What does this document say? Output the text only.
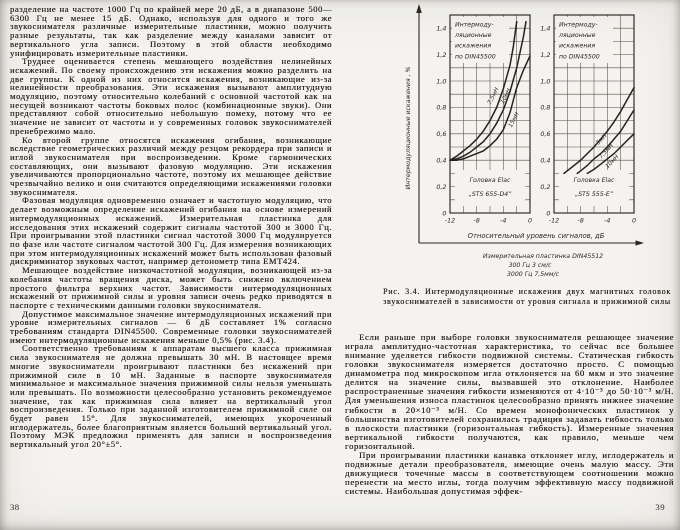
разделение на частоте 1000 Гц по крайней мере 20 дБ, а в диапазоне 500—6300 Гц не менее 15 дБ. Однако, используя для одного и того же звукоснимателя различные измерительные пластинки, можно получить разные результаты, так как разделение между каналами зависит от вертикального угла записи. Поэтому в этой области необходимо унифицировать измерительные пластинки.

Труднее оценивается степень мешающего воздействия нелинейных искажений. По своему происхождению эти искажения можно разделить на две группы. К одной из них относится искажения, возникающие из-за нелинейности преобразования. Эти искажения вызывают амплитудную модуляцию, поэтому относительно колебаний с основной частотой как на несущей возникают частоты боковых полос (комбинационные звуки). Они представляют собой относительно небольшую помеху, потому что ее значение не зависит от частоты и у современных головок звукоснимателей пренебрежимо мало.

Ко второй группе относятся искажения огибания, возникающие вследствие геометрических различий между резцом рекордера при записи и иглой звукоснимателя при воспроизведении. Кроме гармонических составляющих, они вызывают фазовую модуляцию. Эти искажения увеличиваются пропорционально частоте, поэтому их мешающее действие чрезвычайно велико и они считаются определяющими искажениями головки звукоснимателя.

Фазовая модуляция одновременно означает и частотную модуляцию, что делает возможным определение искажений огибания на основе измерений интермодуляционных искажений. Измерительная пластинка для исследования этих искажений содержит сигналы частотой 300 и 3000 Гц. При проигрывании этой пластинки сигнал частотой 3000 Гц модулируется по фазе или частоте сигналом частотой 300 Гц. Для измерения возникающих при этом интермодуляционных искажений может быть использован фазовый дискриминатор звуковых частот, например детонометр типа EMT424.

Мешающее воздействие низкочастотной модуляции, возникающей из-за колебания частоты вращения диска, может быть снижено включением простого фильтра верхних частот. Зависимости интермодуляционных искажений от прижимной силы и уровня записи очень редко приводятся в паспорте с техническими данными головки звукоснимателя.

Допустимое максимальное значение интермодуляционных искажений при уровне измерительных сигналов — 6 дБ составляет 1% согласно требованиям стандарта DIN45500. Современные головки звукоснимателей имеют интермодуляционные искажения меньше 0,5% (рис. 3.4).

Соответственно требованиям к аппаратам высшего класса прижимная сила звукоснимателя не должна превышать 30 мН. В настоящее время многие звукосниматели проигрывают пластинки без искажений при прижимной силе в 10 мН. Заданные в паспорте звукоснимателя минимальное и максимальное значения прижимной силы нельзя уменьшать или превышать. По возможности целесообразно установить рекомендуемое значение, так как прижимная сила влияет на вертикальный угол воспроизведения. Только при заданной изготовителем прижимной силе он будет равен 15°. Для звукоснимателей, имеющих укороченный иглодержатель, более благоприятным является больший вертикальный угол. Поэтому МЭК предложил применять для записи и воспроизведения вертикальный угол 20°±5°.

38
Интермодуляционные искажения , %
Относительный уровень сигналов, дБ
Измерительная пластинка DIN45512
300 Гц 3 см/с
3000 Гц 7,5мм/с
Интермоду-
ляционные
искажения
по DIN45500
Головка Elac
„STS 655-D4”
7,5мН 10мН
15мН
0
0,2
0,4
0,6
0,8
1,0
1,2
1,4
-12	-8	-4	0
Интермоду-
ляционные
искажения
по DIN45500
Головка Elac
„STS 555-E”
5мН
7,5мН
10мН
0
0,2
0,4
0,6
0,8
1,0
1,2
1,4
-12	-8	-4	0
Рис. 3.4. Интермодуляционные искажения двух магнитных головок звукоснимателей в зависимости от уровня сигнала и прижимной силы

Если раньше при выборе головки звукоснимателя решающее значение играла амплитудно-частотная характеристика, то сейчас все большее внимание уделяется гибкости подвижной системы. Статическая гибкость головки звукоснимателя измеряется достаточно просто. С помощью динамометра под микроскопом игла отклоняется на 60 мкм и это значение делится на значение силы, вызвавшей это отклонение. Наиболее распространенные значения гибкости изменяются от 4·10⁻³ до 50·10⁻³ м/Н. Для уменьшения износа пластинок целесообразно принять нижнее значение гибкости в 20×10⁻³ м/Н. Со времен монофонических пластинок у большинства изготовителей сохранилась традиция задавать гибкость только в плоскости пластинки (горизонтальная гибкость). Измеренные значения вертикальной гибкости получаются, как правило, меньше чем горизонтальной.

При проигрывании пластинки канавка отклоняет иглу, иглодержатель и подвижные детали преобразователя, имеющие очень малую массу. Эти движущиеся точечные массы в соответствующем соотношении можно перенести на место иглы, тогда получим эффективную массу подвижной системы. Наибольшая допустимая эффек-

39
